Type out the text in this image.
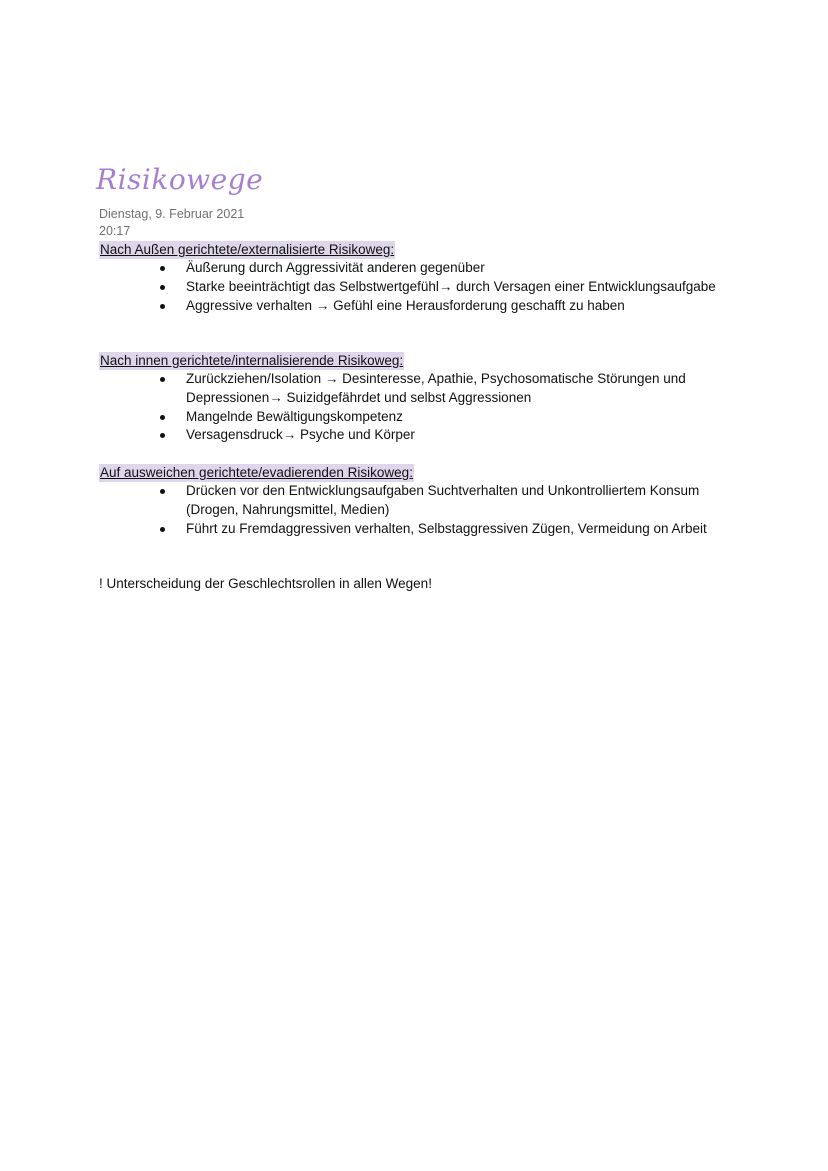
Risikowege
Dienstag, 9. Februar 2021
20:17
Nach Außen gerichtete/externalisierte Risikoweg:
Äußerung durch Aggressivität anderen gegenüber
Starke beeinträchtigt das Selbstwertgefühl→ durch Versagen einer Entwicklungsaufgabe
Aggressive verhalten → Gefühl eine Herausforderung geschafft zu haben
Nach innen gerichtete/internalisierende Risikoweg:
Zurückziehen/Isolation → Desinteresse, Apathie, Psychosomatische Störungen und Depressionen→ Suizidgefährdet und selbst Aggressionen
Mangelnde Bewältigungskompetenz
Versagensdruck→ Psyche und Körper
Auf ausweichen gerichtete/evadierenden Risikoweg:
Drücken vor den Entwicklungsaufgaben Suchtverhalten und Unkontrolliertem Konsum (Drogen, Nahrungsmittel, Medien)
Führt zu Fremdaggressiven verhalten, Selbstaggressiven Zügen, Vermeidung on Arbeit
! Unterscheidung der Geschlechtsrollen in allen Wegen!
